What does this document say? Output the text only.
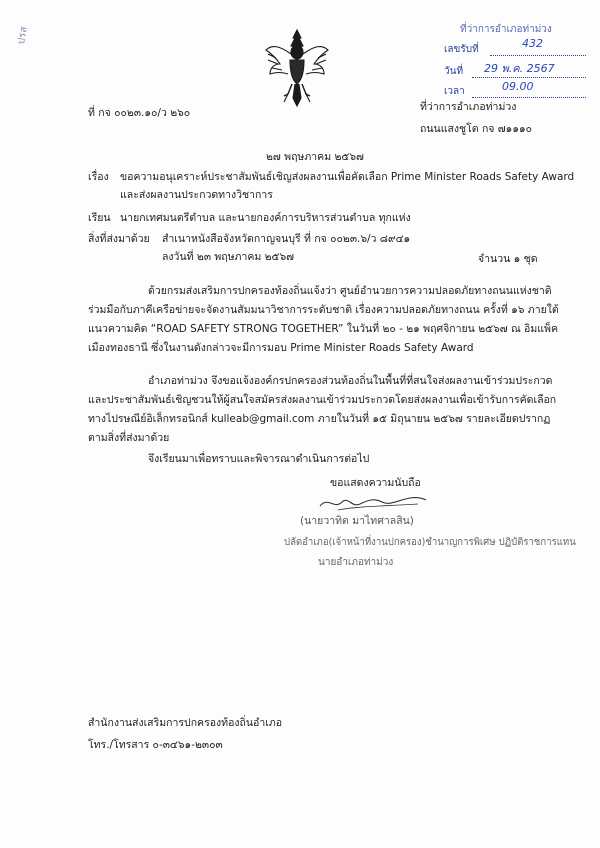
ปรส	ที่ว่าการอำเภอท่าม่วง
เลขรับที่	432
วันที่ 29 พ.ค. 2567
เวลา	09.00
ที่ กจ ๐๐๒๓.๑๐/ว ๒๖๐	ที่ว่าการอำเภอท่าม่วง
ถนนแสงชูโต กจ ๗๑๑๑๐
๒๗ พฤษภาคม ๒๕๖๗
เรื่อง ขอความอนุเคราะห์ประชาสัมพันธ์เชิญส่งผลงานเพื่อคัดเลือก Prime Minister Roads Safety Award
และส่งผลงานประกวดทางวิชาการ
เรียน นายกเทศมนตรีตำบล และนายกองค์การบริหารส่วนตำบล ทุกแห่ง
สิ่งที่ส่งมาด้วย สำเนาหนังสือจังหวัดกาญจนบุรี ที่ กจ ๐๐๒๓.๖/ว ๘๙๔๑
ลงวันที่ ๒๓ พฤษภาคม ๒๕๖๗	จำนวน ๑ ชุด
ด้วยกรมส่งเสริมการปกครองท้องถิ่นแจ้งว่า ศูนย์อำนวยการความปลอดภัยทางถนนแห่งชาติ
ร่วมมือกับภาคีเครือข่ายจะจัดงานสัมมนาวิชาการระดับชาติ เรื่องความปลอดภัยทางถนน ครั้งที่ ๑๖ ภายใต้
แนวความคิด “ROAD SAFETY STRONG TOGETHER” ในวันที่ ๒๐ - ๒๑ พฤศจิกายน ๒๕๖๗ ณ อิมแพ็ค
เมืองทองธานี ซึ่งในงานดังกล่าวจะมีการมอบ Prime Minister Roads Safety Award
อำเภอท่าม่วง จึงขอแจ้งองค์กรปกครองส่วนท้องถิ่นในพื้นที่ที่สนใจส่งผลงานเข้าร่วมประกวด
และประชาสัมพันธ์เชิญชวนให้ผู้สนใจสมัครส่งผลงานเข้าร่วมประกวดโดยส่งผลงานเพื่อเข้ารับการคัดเลือก
ทางไปรษณีย์อิเล็กทรอนิกส์ kulleab@gmail.com ภายในวันที่ ๑๕ มิถุนายน ๒๕๖๗ รายละเอียดปรากฏ
ตามสิ่งที่ส่งมาด้วย
จึงเรียนมาเพื่อทราบและพิจารณาดำเนินการต่อไป
ขอแสดงความนับถือ
(นายวาทิต มาไทศาลสิน)
ปลัดอำเภอ(เจ้าหน้าที่งานปกครอง)ชำนาญการพิเศษ ปฏิบัติราชการแทน
นายอำเภอท่าม่วง
สำนักงานส่งเสริมการปกครองท้องถิ่นอำเภอ
โทร./โทรสาร ๐-๓๔๖๑-๒๓๐๓
